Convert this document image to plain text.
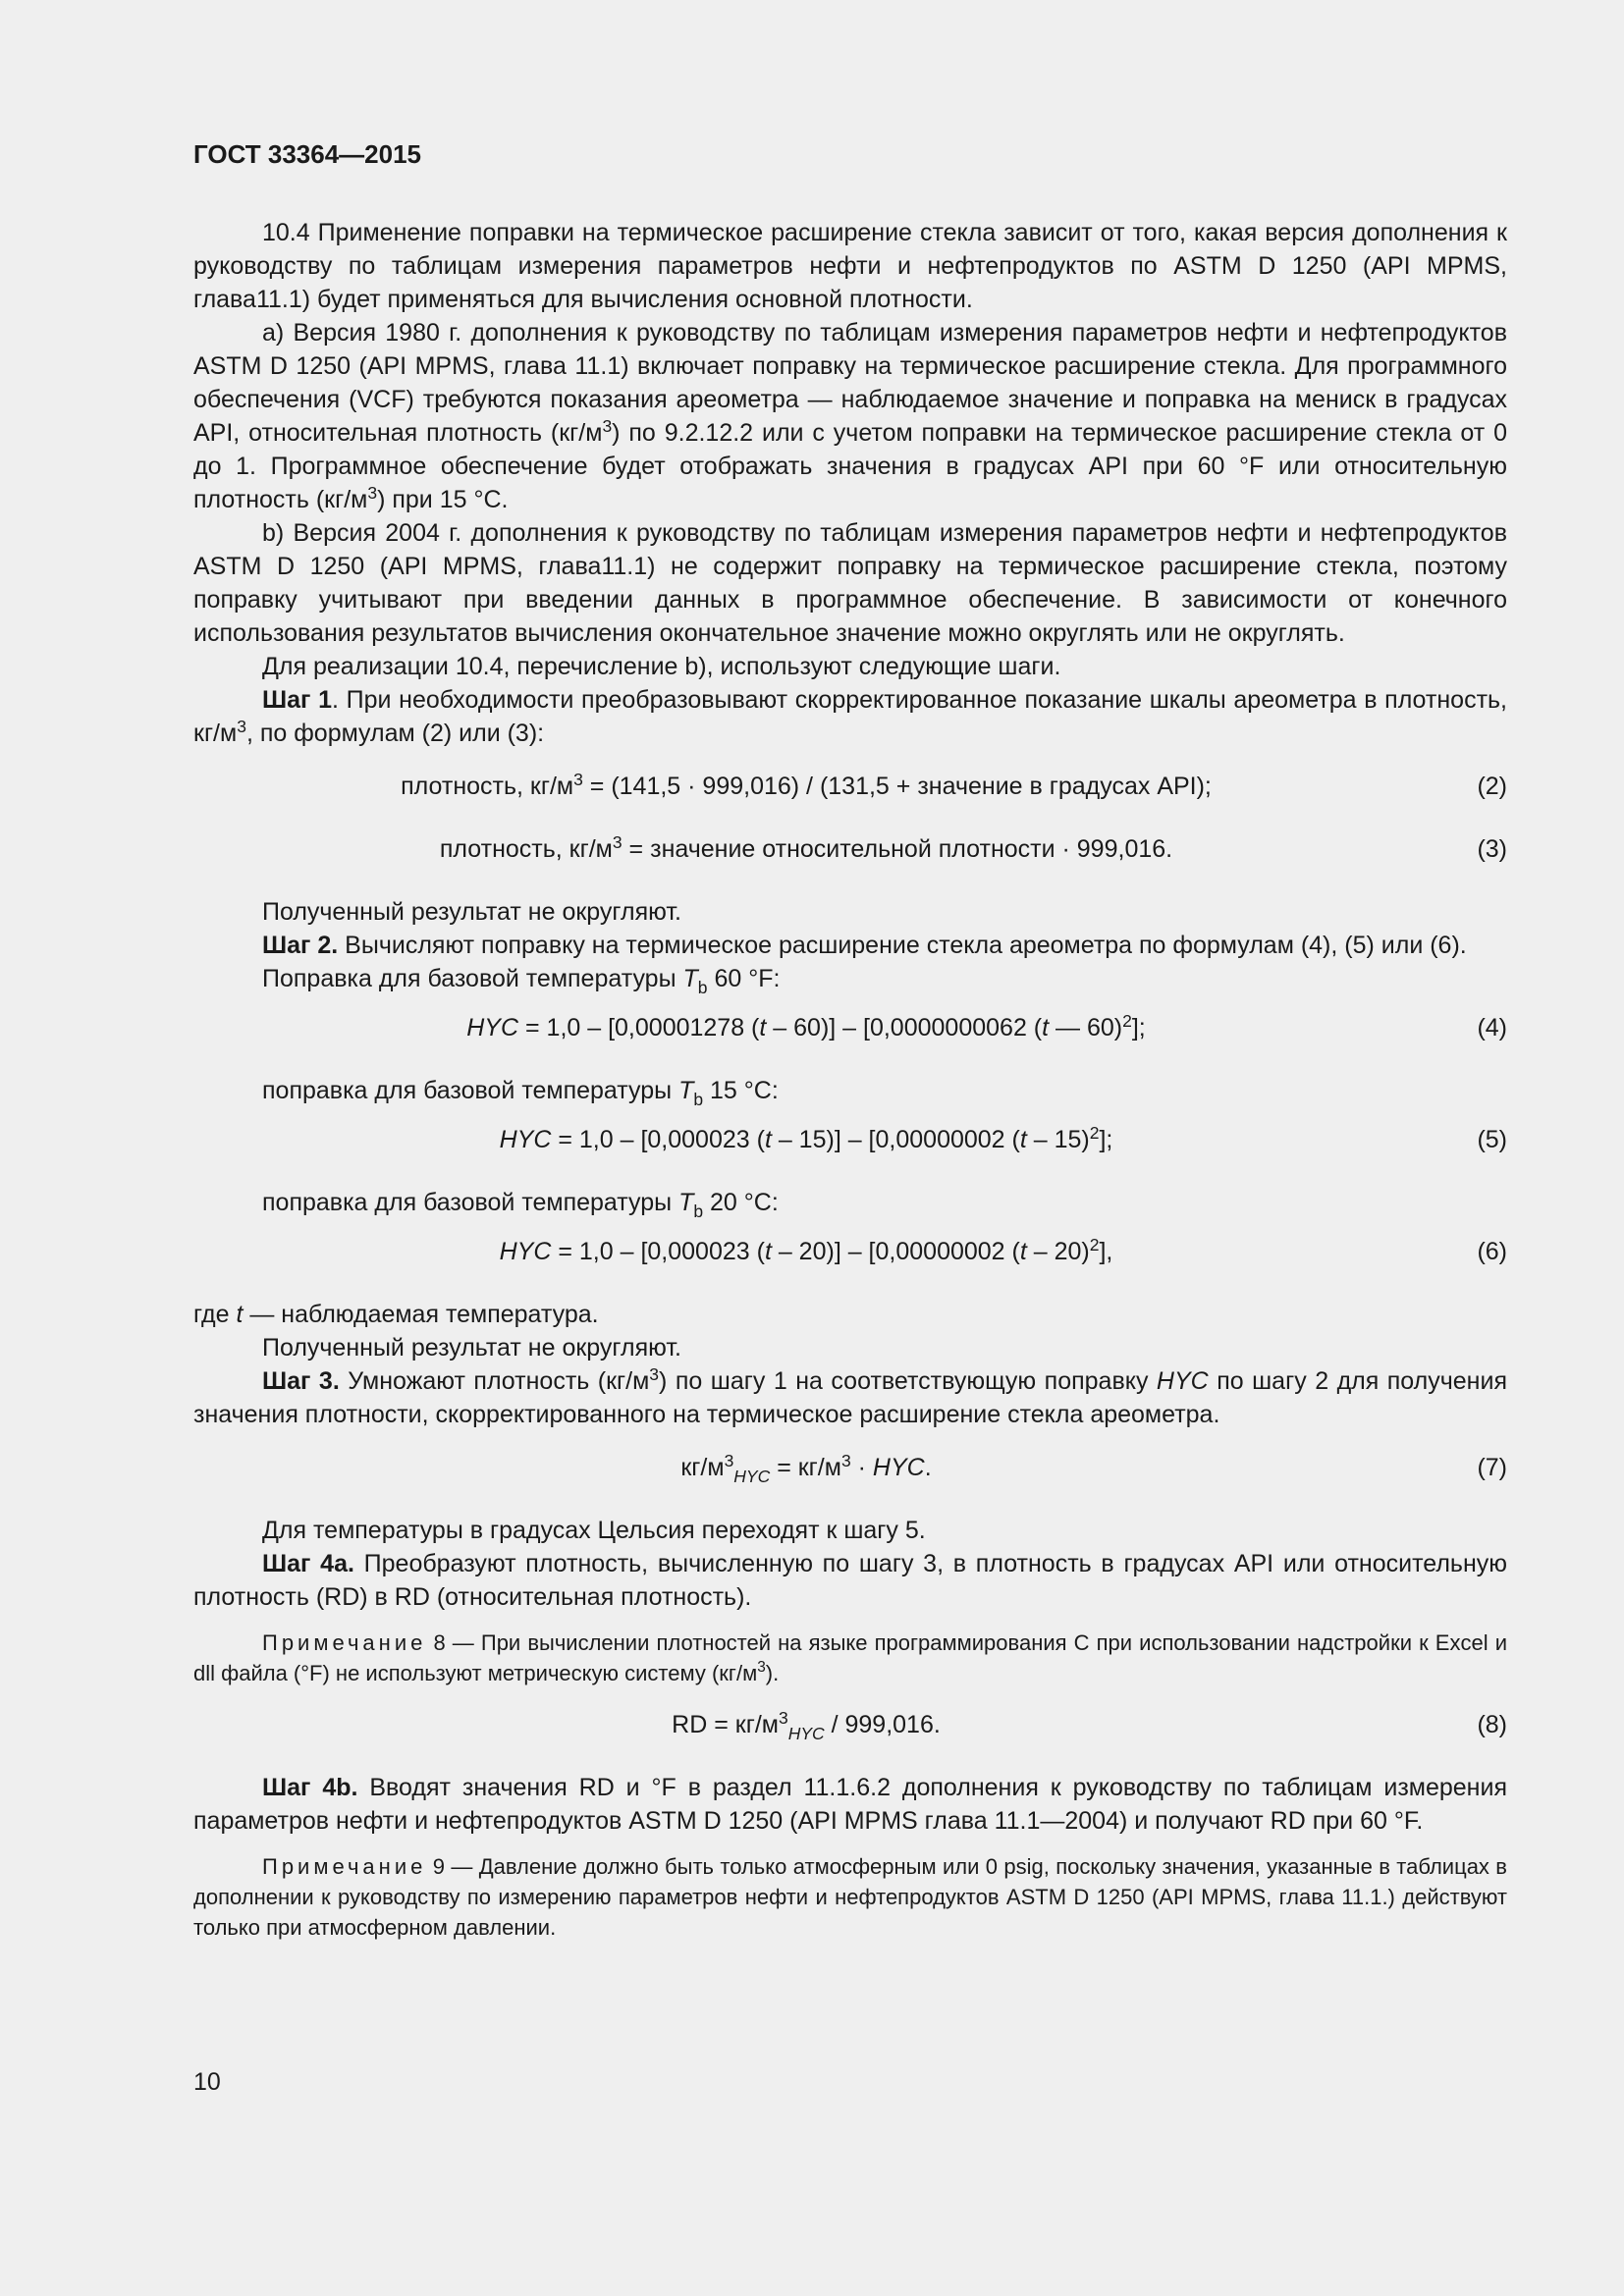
ГОСТ 33364—2015

10.4 Применение поправки на термическое расширение стекла зависит от того, какая версия дополнения к руководству по таблицам измерения параметров нефти и нефтепродуктов по ASTM D 1250 (API MPMS, глава11.1) будет применяться для вычисления основной плотности.

a) Версия 1980 г. дополнения к руководству по таблицам измерения параметров нефти и нефтепродуктов ASTM D 1250 (API MPMS, глава 11.1) включает поправку на термическое расширение стекла. Для программного обеспечения (VCF) требуются показания ареометра — наблюдаемое значение и поправка на мениск в градусах API, относительная плотность $(кг/м^3)$ по 9.2.12.2 или с учетом поправки на термическое расширение стекла от 0 до 1. Программное обеспечение будет отображать значения в градусах API при 60 °F или относительную плотность $(кг/м^3)$ при 15 °С.

b) Версия 2004 г. дополнения к руководству по таблицам измерения параметров нефти и нефтепродуктов ASTM D 1250 (API MPMS, глава11.1) не содержит поправку на термическое расширение стекла, поэтому поправку учитывают при введении данных в программное обеспечение. В зависимости от конечного использования результатов вычисления окончательное значение можно округлять или не округлять.

Для реализации 10.4, перечисление b), используют следующие шаги.

Шаг 1. При необходимости преобразовывают скорректированное показание шкалы ареометра в плотность, $кг/м^3$, по формулам (2) или (3):

плотность, $кг/м^3 = (141,5 \cdot 999,016) / (131,5$ + значение в градусах API);	(2)
плотность, $кг/м^3$ = значение относительной плотности · 999,016.	(3)

Полученный результат не округляют.

Шаг 2. Вычисляют поправку на термическое расширение стекла ареометра по формулам (4), (5) или (6).

Поправка для базовой температуры $T_b$ 60 °F:

HYC = 1,0 – [0,00001278 (t – 60)] – [0,0000000062 (t — 60)$^2$];	(4)

поправка для базовой температуры $T_b$ 15 °С:

HYC = 1,0 – [0,000023 (t – 15)] – [0,00000002 (t – 15)$^2$];	(5)

поправка для базовой температуры $T_b$ 20 °С:

HYC = 1,0 – [0,000023 (t – 20)] – [0,00000002 (t – 20)$^2$],	(6)

где t — наблюдаемая температура.

Полученный результат не округляют.

Шаг 3. Умножают плотность $(кг/м^3)$ по шагу 1 на соответствующую поправку HYC по шагу 2 для получения значения плотности, скорректированного на термическое расширение стекла ареометра.

$кг/м^3_{HYC} = кг/м^3$ · HYC.	(7)

Для температуры в градусах Цельсия переходят к шагу 5.

Шаг 4а. Преобразуют плотность, вычисленную по шагу 3, в плотность в градусах API или относительную плотность (RD) в RD (относительная плотность).

Примечание 8 — При вычислении плотностей на языке программирования С при использовании надстройки к Excel и dll файла (°F) не используют метрическую систему $(кг/м^3)$.

RD = $кг/м^3_{HYC} / 999,016$.	(8)

Шаг 4b. Вводят значения RD и °F в раздел 11.1.6.2 дополнения к руководству по таблицам измерения параметров нефти и нефтепродуктов ASTM D 1250 (API MPMS глава 11.1—2004) и получают RD при 60 °F.

Примечание 9 — Давление должно быть только атмосферным или 0 psig, поскольку значения, указанные в таблицах в дополнении к руководству по измерению параметров нефти и нефтепродуктов ASTM D 1250 (API MPMS, глава 11.1.) действуют только при атмосферном давлении.

10
